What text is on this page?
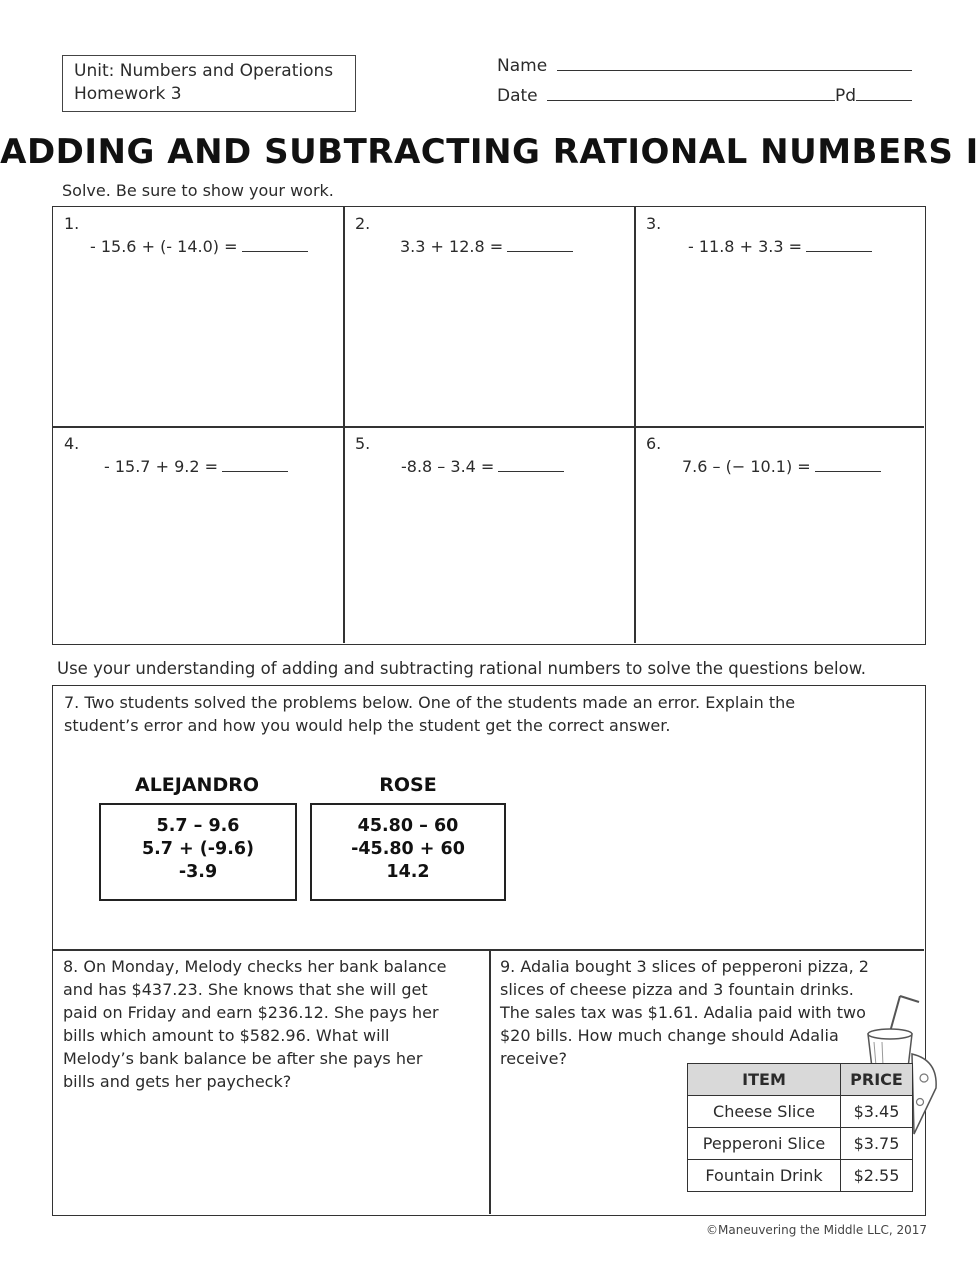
Unit: Numbers and Operations
Homework 3
Name
Date	Pd
ADDING AND SUBTRACTING RATIONAL NUMBERS I
Solve. Be sure to show your work.
1.
- 15.6 + (- 14.0) =
2.
3.3 + 12.8 =
3.
- 11.8 + 3.3 =
4.
- 15.7 + 9.2 =
5.
-8.8 – 3.4 =
6.
7.6 – (− 10.1) =
Use your understanding of adding and subtracting rational numbers to solve the questions below.
7. Two students solved the problems below. One of the students made an error. Explain the
student’s error and how you would help the student get the correct answer.
ALEJANDRO
5.7 – 9.6
5.7 + (-9.6)
-3.9
ROSE
45.80 – 60
-45.80 + 60
14.2
8. On Monday, Melody checks her bank balance
and has $437.23. She knows that she will get
paid on Friday and earn $236.12. She pays her
bills which amount to $582.96. What will
Melody’s bank balance be after she pays her
bills and gets her paycheck?
9. Adalia bought 3 slices of pepperoni pizza, 2
slices of cheese pizza and 3 fountain drinks.
The sales tax was $1.61. Adalia paid with two
$20 bills. How much change should Adalia
receive?
ITEM	PRICE
Cheese Slice	$3.45
Pepperoni Slice	$3.75
Fountain Drink	$2.55
©Maneuvering the Middle LLC, 2017
